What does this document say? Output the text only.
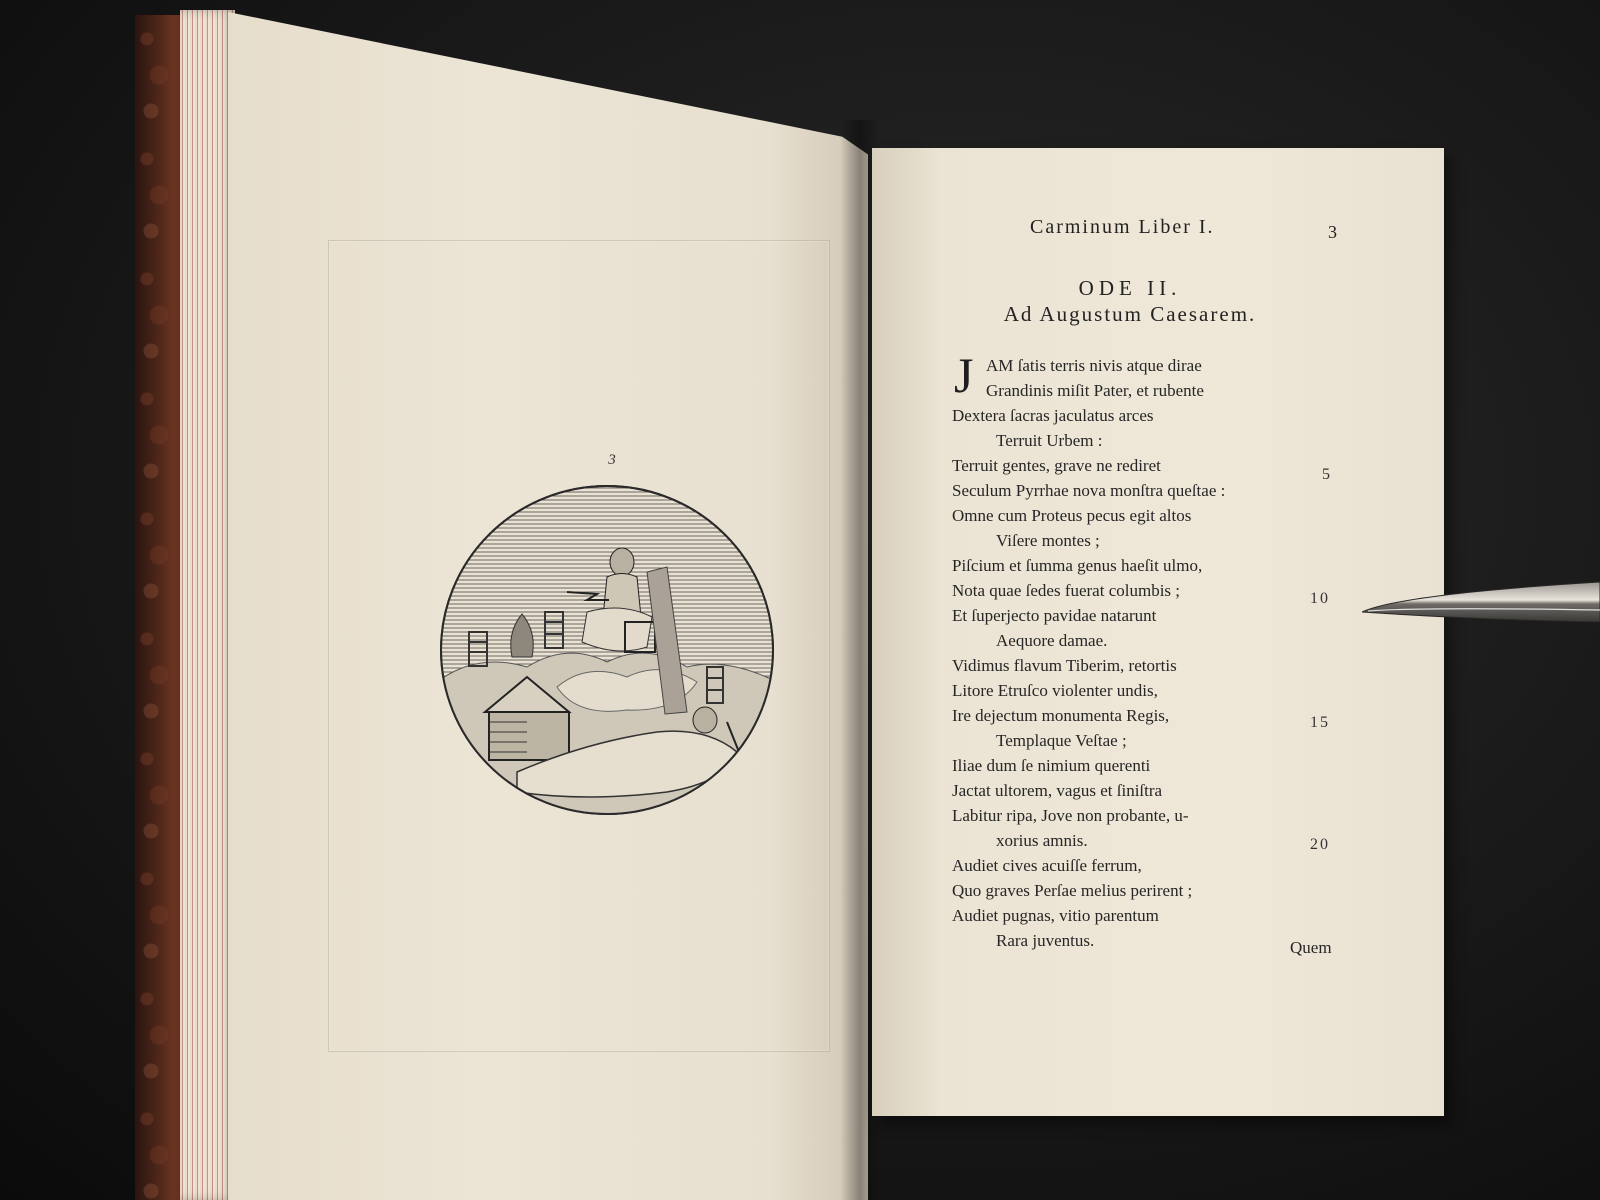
3
Carminum Liber I.	3
ODE II.
Ad Augustum Caesarem.
J AM ſatis terris nivis atque dirae
Grandinis miſit Pater, et rubente
Dextera ſacras jaculatus arces
Terruit Urbem :
Terruit gentes, grave ne rediret
Seculum Pyrrhae nova monſtra queſtae :
Omne cum Proteus pecus egit altos
Viſere montes ;
Piſcium et ſumma genus haeſit ulmo,
Nota quae ſedes fuerat columbis ;
Et ſuperjecto pavidae natarunt
Aequore damae.
Vidimus flavum Tiberim, retortis
Litore Etruſco violenter undis,
Ire dejectum monumenta Regis,
Templaque Veſtae ;
Iliae dum ſe nimium querenti
Jactat ultorem, vagus et ſiniſtra
Labitur ripa, Jove non probante, u-
xorius amnis.
Audiet cives acuiſſe ferrum,
Quo graves Perſae melius perirent ;
Audiet pugnas, vitio parentum
Rara juventus.
5
10
15
20
Quem
